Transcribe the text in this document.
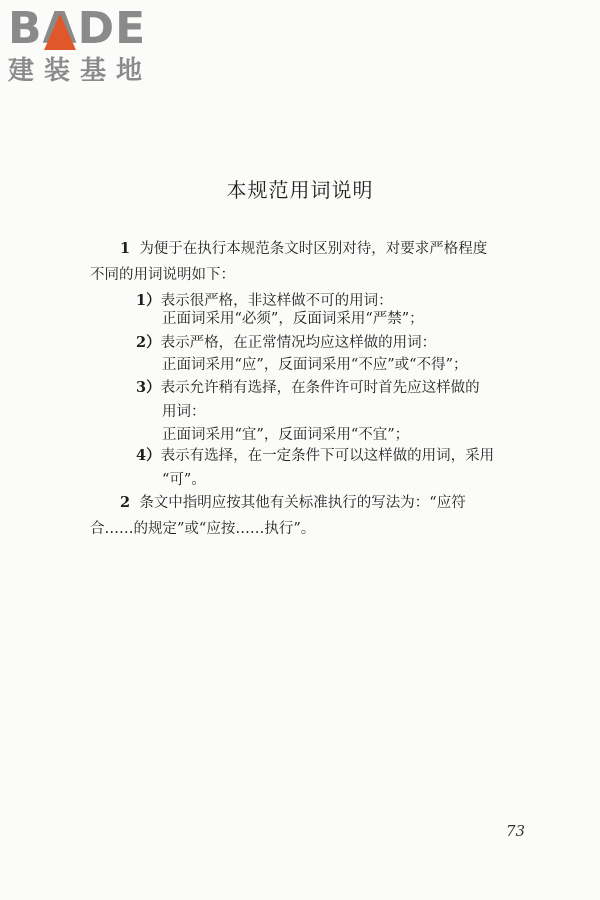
BADE
建装基地
本规范用词说明
1 为便于在执行本规范条文时区别对待，对要求严格程度
不同的用词说明如下：
1）表示很严格，非这样做不可的用词：
正面词采用“必须”，反面词采用“严禁”；
2）表示严格，在正常情况均应这样做的用词：
正面词采用“应”，反面词采用“不应”或“不得”；
3）表示允许稍有选择，在条件许可时首先应这样做的
用词：
正面词采用“宜”，反面词采用“不宜”；
4）表示有选择，在一定条件下可以这样做的用词，采用
“可”。
2 条文中指明应按其他有关标准执行的写法为：“应符
合……的规定”或“应按……执行”。
73
